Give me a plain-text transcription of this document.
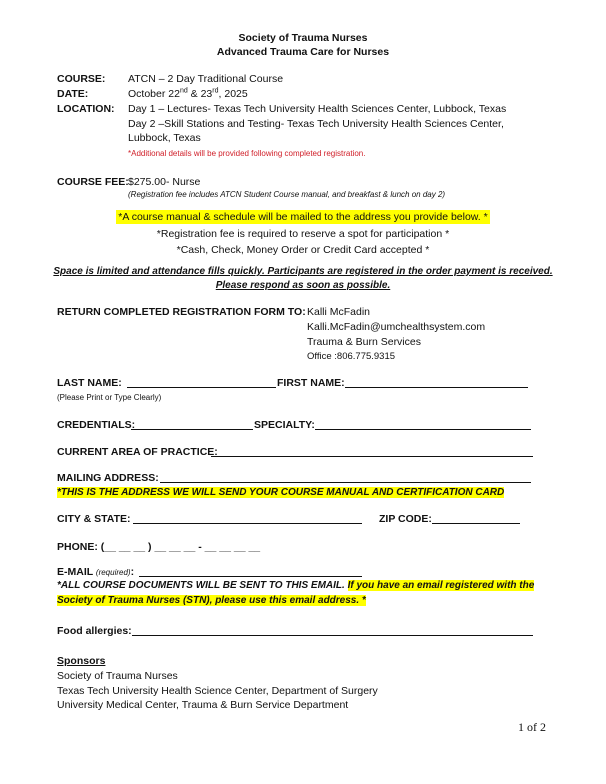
Society of Trauma Nurses
Advanced Trauma Care for Nurses
COURSE: ATCN – 2 Day Traditional Course
DATE:	October 22nd & 23rd, 2025
LOCATION: Day 1 – Lectures- Texas Tech University Health Sciences Center, Lubbock, Texas
Day 2 –Skill Stations and Testing- Texas Tech University Health Sciences Center,
Lubbock, Texas
*Additional details will be provided following completed registration.
COURSE FEE: $275.00- Nurse
(Registration fee includes ATCN Student Course manual, and breakfast & lunch on day 2)
*A course manual & schedule will be mailed to the address you provide below. *
*Registration fee is required to reserve a spot for participation *
*Cash, Check, Money Order or Credit Card accepted *
Space is limited and attendance fills quickly. Participants are registered in the order payment is received.
Please respond as soon as possible.
RETURN COMPLETED REGISTRATION FORM TO: Kalli McFadin
Kalli.McFadin@umchealthsystem.com
Trauma & Burn Services
Office :806.775.9315
LAST NAME:	FIRST NAME:
(Please Print or Type Clearly)
CREDENTIALS:	SPECIALTY:
CURRENT AREA OF PRACTICE:
MAILING ADDRESS:
*THIS IS THE ADDRESS WE WILL SEND YOUR COURSE MANUAL AND CERTIFICATION CARD
CITY & STATE:	ZIP CODE:
PHONE: (__ __ __ ) __ __ __ - __ __ __ __
E-MAIL (required):
*ALL COURSE DOCUMENTS WILL BE SENT TO THIS EMAIL. If you have an email registered with the
Society of Trauma Nurses (STN), please use this email address. *
Food allergies:
Sponsors
Society of Trauma Nurses
Texas Tech University Health Science Center, Department of Surgery
University Medical Center, Trauma & Burn Service Department
1 of 2
